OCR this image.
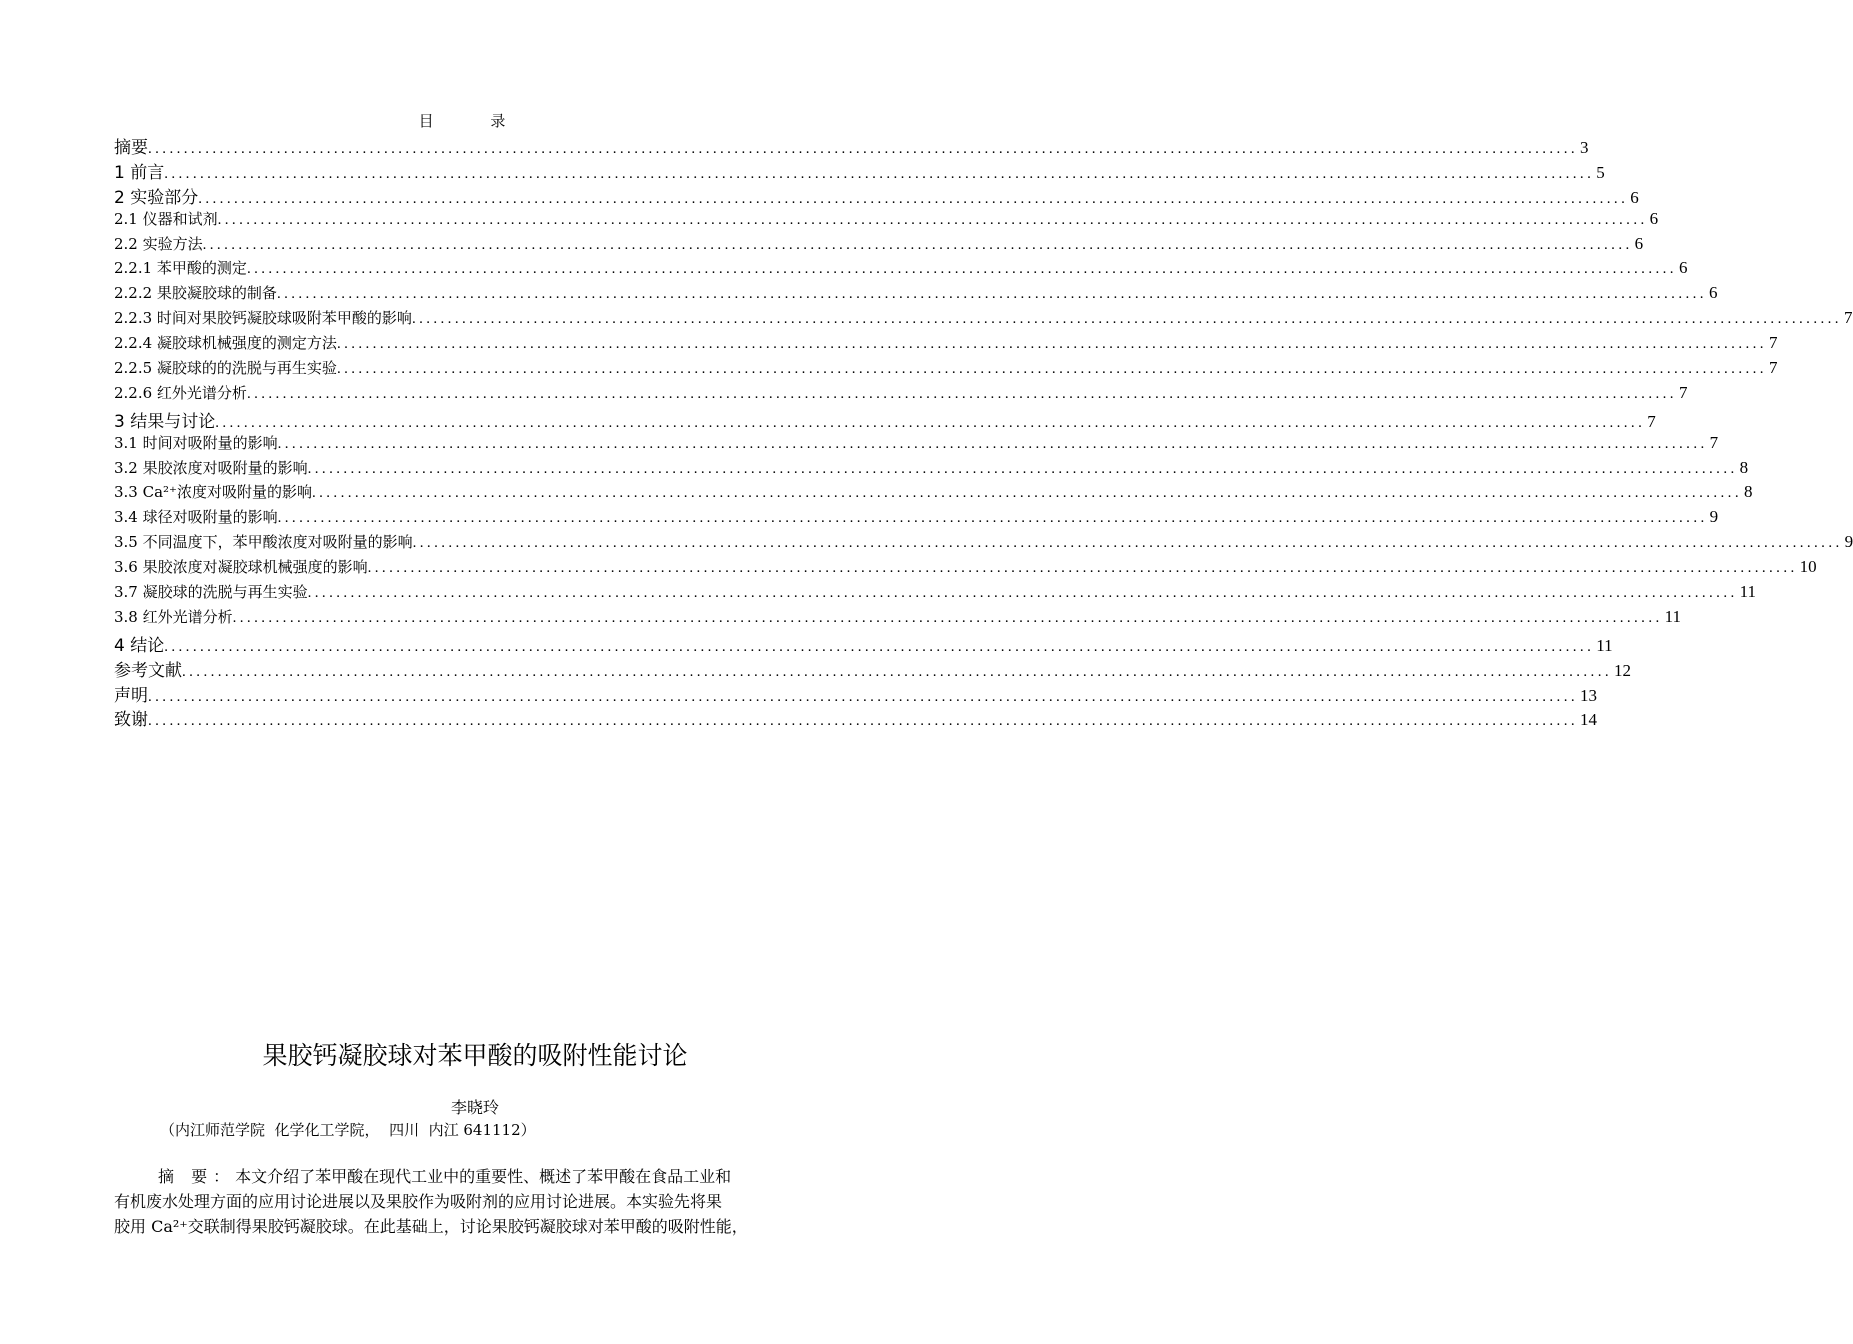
目 录
摘要 ........................................................................................................................................................................................................ 3
1 前言 ........................................................................................................................................................................................................ 5
2 实验部分 ........................................................................................................................................................................................................ 6
2.1 仪器和试剂 ........................................................................................................................................................................................................ 6
2.2 实验方法 ........................................................................................................................................................................................................ 6
2.2.1 苯甲酸的测定 ........................................................................................................................................................................................................ 6
2.2.2 果胶凝胶球的制备 ........................................................................................................................................................................................................ 6
2.2.3 时间对果胶钙凝胶球吸附苯甲酸的影响 ........................................................................................................................................................................................................ 7
2.2.4 凝胶球机械强度的测定方法 ........................................................................................................................................................................................................ 7
2.2.5 凝胶球的的洗脱与再生实验 ........................................................................................................................................................................................................ 7
2.2.6 红外光谱分析 ........................................................................................................................................................................................................ 7
3 结果与讨论 ........................................................................................................................................................................................................ 7
3.1 时间对吸附量的影响 ........................................................................................................................................................................................................ 7
3.2 果胶浓度对吸附量的影响 ........................................................................................................................................................................................................ 8
3.3 Ca²⁺浓度对吸附量的影响 ........................................................................................................................................................................................................ 8
3.4 球径对吸附量的影响 ........................................................................................................................................................................................................ 9
3.5 不同温度下，苯甲酸浓度对吸附量的影响 ........................................................................................................................................................................................................ 9
3.6 果胶浓度对凝胶球机械强度的影响 ........................................................................................................................................................................................................ 10
3.7 凝胶球的洗脱与再生实验 ........................................................................................................................................................................................................ 11
3.8 红外光谱分析 ........................................................................................................................................................................................................ 11
4 结论 ........................................................................................................................................................................................................ 11
参考文献 ........................................................................................................................................................................................................ 12
声明 ........................................................................................................................................................................................................ 13
致谢 ........................................................................................................................................................................................................ 14
果胶钙凝胶球对苯甲酸的吸附性能讨论
李晓玲
（内江师范学院  化学化工学院，  四川  内江 641112）
摘 要：本文介绍了苯甲酸在现代工业中的重要性、概述了苯甲酸在食品工业和
有机废水处理方面的应用讨论进展以及果胶作为吸附剂的应用讨论进展。本实验先将果
胶用 Ca²⁺交联制得果胶钙凝胶球。在此基础上，讨论果胶钙凝胶球对苯甲酸的吸附性能，
